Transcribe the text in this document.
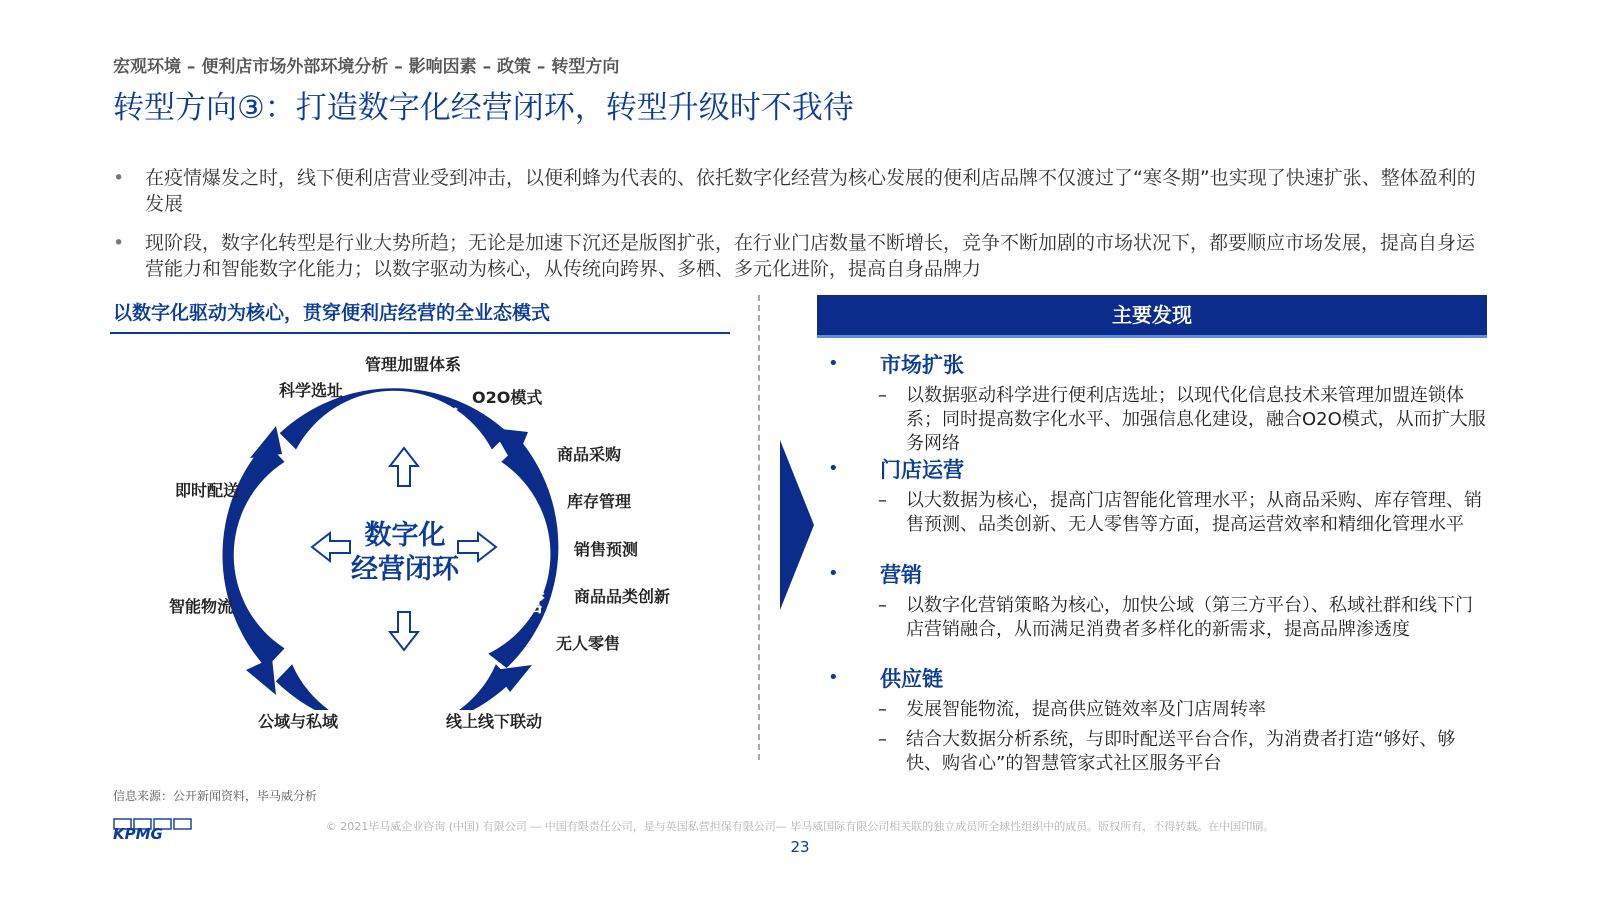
宏观环境 – 便利店市场外部环境分析 – 影响因素 – 政策 – 转型方向
转型方向③：打造数字化经营闭环，转型升级时不我待
• 在疫情爆发之时，线下便利店营业受到冲击，以便利蜂为代表的、依托数字化经营为核心发展的便利店品牌不仅渡过了“寒冬期”也实现了快速扩张、整体盈利的发展
• 现阶段，数字化转型是行业大势所趋；无论是加速下沉还是版图扩张，在行业门店数量不断增长，竞争不断加剧的市场状况下，都要顺应市场发展，提高自身运营能力和智能数字化能力；以数字驱动为核心，从传统向跨界、多栖、多元化进阶，提高自身品牌力
以数字化驱动为核心，贯穿便利店经营的全业态模式
市场扩张
营销
门
店
运
营
供
应
链
数字化
经营闭环
管理加盟体系
科学选址	O2O模式
商品采购
库存管理
销售预测
商品品类创新
无人零售
即时配送
智能物流
公域与私域	线上线下联动
主要发现
• 市场扩张
– 以数据驱动科学进行便利店选址；以现代化信息技术来管理加盟连锁体系；同时提高数字化水平、加强信息化建设，融合O2O模式，从而扩大服务网络
• 门店运营
– 以大数据为核心，提高门店智能化管理水平；从商品采购、库存管理、销售预测、品类创新、无人零售等方面，提高运营效率和精细化管理水平
• 营销
– 以数字化营销策略为核心，加快公域（第三方平台）、私域社群和线下门店营销融合，从而满足消费者多样化的新需求，提高品牌渗透度
• 供应链
– 发展智能物流，提高供应链效率及门店周转率
– 结合大数据分析系统，与即时配送平台合作，为消费者打造“够好、够快、购省心”的智慧管家式社区服务平台
信息来源：公开新闻资料，毕马威分析
KPMG	© 2021毕马威企业咨询 (中国) 有限公司 — 中国有限责任公司，是与英国私营担保有限公司— 毕马威国际有限公司相关联的独立成员所全球性组织中的成员。版权所有，不得转载。在中国印刷。
23
